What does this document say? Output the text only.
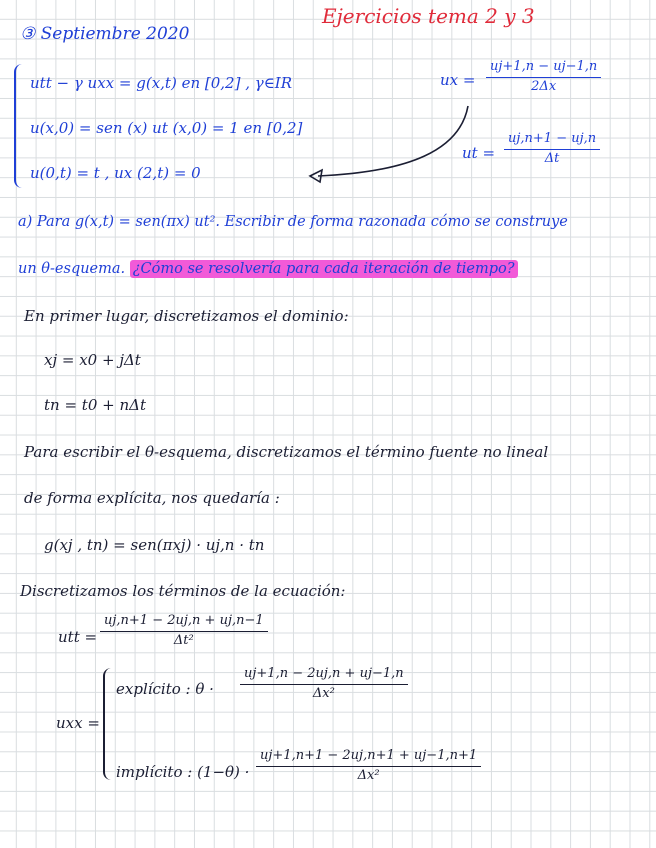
③ Septiembre 2020
Ejercicios tema 2 y 3
utt − γ uxx = g(x,t) en [0,2] , γ∈IR
u(x,0) = sen (x) ut (x,0) = 1 en [0,2]
u(0,t) = t , ux (2,t) = 0
ux = $\frac{uj+1,n - uj-1,n}{2\Delta x}$
ut = $\frac{uj,n+1 - uj,n}{\Delta t}$
a) Para g(x,t) = sen(πx) ut². Escribir de forma razonada cómo se construye
un θ-esquema. ¿Cómo se resolvería para cada iteración de tiempo?
En primer lugar, discretizamos el dominio:
xj = x0 + jΔt
tn = t0 + nΔt
Para escribir el θ-esquema, discretizamos el término fuente no lineal
de forma explícita, nos quedaría :
g(xj , tn) = sen(πxj) · uj,n · tn
Discretizamos los términos de la ecuación:
utt = $\frac{uj,n+1 - 2uj,n + uj,n-1}{\text{Δt²}}$
uxx =
explícito : $\theta \cdot \frac{uj+1,n - 2uj,n + uj-1,n}{\text{Δx²}}$
implícito : $(1-\theta) \cdot \frac{uj+1,n+1 - 2uj,n+1 + uj-1,n+1}{\text{Δx²}}$
